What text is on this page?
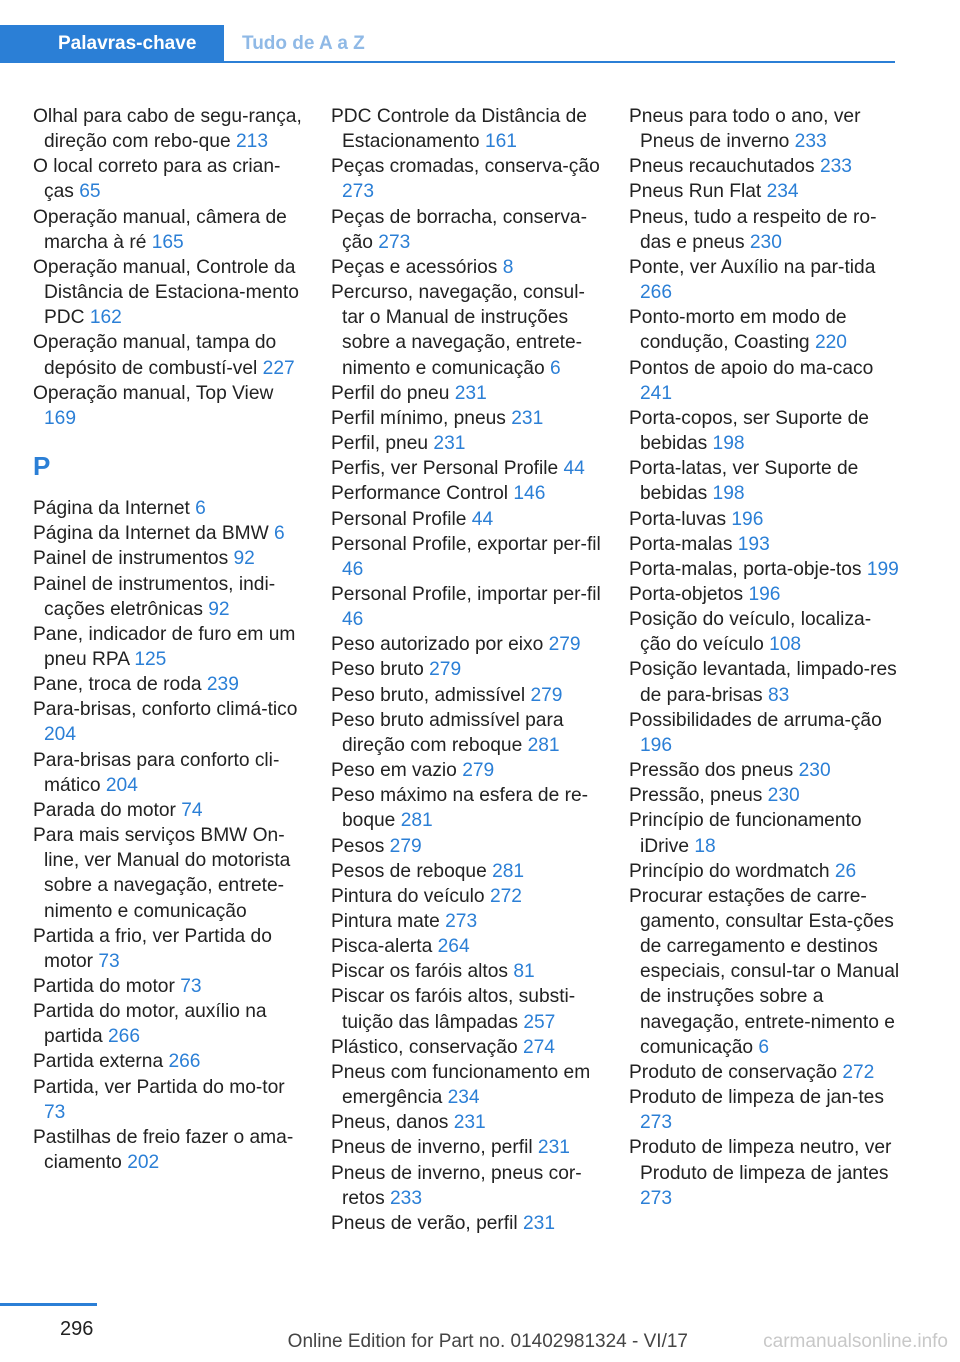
Palavras-chave Tudo de A a Z

Olhal para cabo de segu‐rança, direção com rebo‐que 213

O local correto para as crian‐ças 65

Operação manual, câmera de marcha à ré 165

Operação manual, Controle da Distância de Estaciona‐mento PDC 162

Operação manual, tampa do depósito de combustí‐vel 227

Operação manual, Top View 169

P

Página da Internet 6

Página da Internet da BMW 6

Painel de instrumentos 92

Painel de instrumentos, indi‐cações eletrônicas 92

Pane, indicador de furo em um pneu RPA 125

Pane, troca de roda 239

Para-brisas, conforto climá‐tico 204

Para-brisas para conforto cli‐mático 204

Parada do motor 74

Para mais serviços BMW On‐line, ver Manual do motorista sobre a navegação, entrete‐nimento e comunicação

Partida a frio, ver Partida do motor 73

Partida do motor 73

Partida do motor, auxílio na partida 266

Partida externa 266

Partida, ver Partida do mo‐tor 73

Pastilhas de freio fazer o ama‐ciamento 202

PDC Controle da Distância de Estacionamento 161

Peças cromadas, conserva‐ção 273

Peças de borracha, conserva‐ção 273

Peças e acessórios 8

Percurso, navegação, consul‐tar o Manual de instruções sobre a navegação, entrete‐nimento e comunicação 6

Perfil do pneu 231

Perfil mínimo, pneus 231

Perfil, pneu 231

Perfis, ver Personal Profile 44

Performance Control 146

Personal Profile 44

Personal Profile, exportar per‐fil 46

Personal Profile, importar per‐fil 46

Peso autorizado por eixo 279

Peso bruto 279

Peso bruto, admissível 279

Peso bruto admissível para direção com reboque 281

Peso em vazio 279

Peso máximo na esfera de re‐boque 281

Pesos 279

Pesos de reboque 281

Pintura do veículo 272

Pintura mate 273

Pisca-alerta 264

Piscar os faróis altos 81

Piscar os faróis altos, substi‐tuição das lâmpadas 257

Plástico, conservação 274

Pneus com funcionamento em emergência 234

Pneus, danos 231

Pneus de inverno, perfil 231

Pneus de inverno, pneus cor‐retos 233

Pneus de verão, perfil 231

Pneus para todo o ano, ver Pneus de inverno 233

Pneus recauchutados 233

Pneus Run Flat 234

Pneus, tudo a respeito de ro‐das e pneus 230

Ponte, ver Auxílio na par‐tida 266

Ponto-morto em modo de condução, Coasting 220

Pontos de apoio do ma‐caco 241

Porta-copos, ser Suporte de bebidas 198

Porta-latas, ver Suporte de bebidas 198

Porta-luvas 196

Porta-malas 193

Porta-malas, porta-obje‐tos 199

Porta-objetos 196

Posição do veículo, localiza‐ção do veículo 108

Posição levantada, limpado‐res de para-brisas 83

Possibilidades de arruma‐ção 196

Pressão dos pneus 230

Pressão, pneus 230

Princípio de funcionamento iDrive 18

Princípio do wordmatch 26

Procurar estações de carre‐gamento, consultar Esta‐ções de carregamento e destinos especiais, consul‐tar o Manual de instruções sobre a navegação, entrete‐nimento e comunicação 6

Produto de conservação 272

Produto de limpeza de jan‐tes 273

Produto de limpeza neutro, ver Produto de limpeza de jantes 273

296
Online Edition for Part no. 01402981324 - VI/17	carmanualsonline.info
